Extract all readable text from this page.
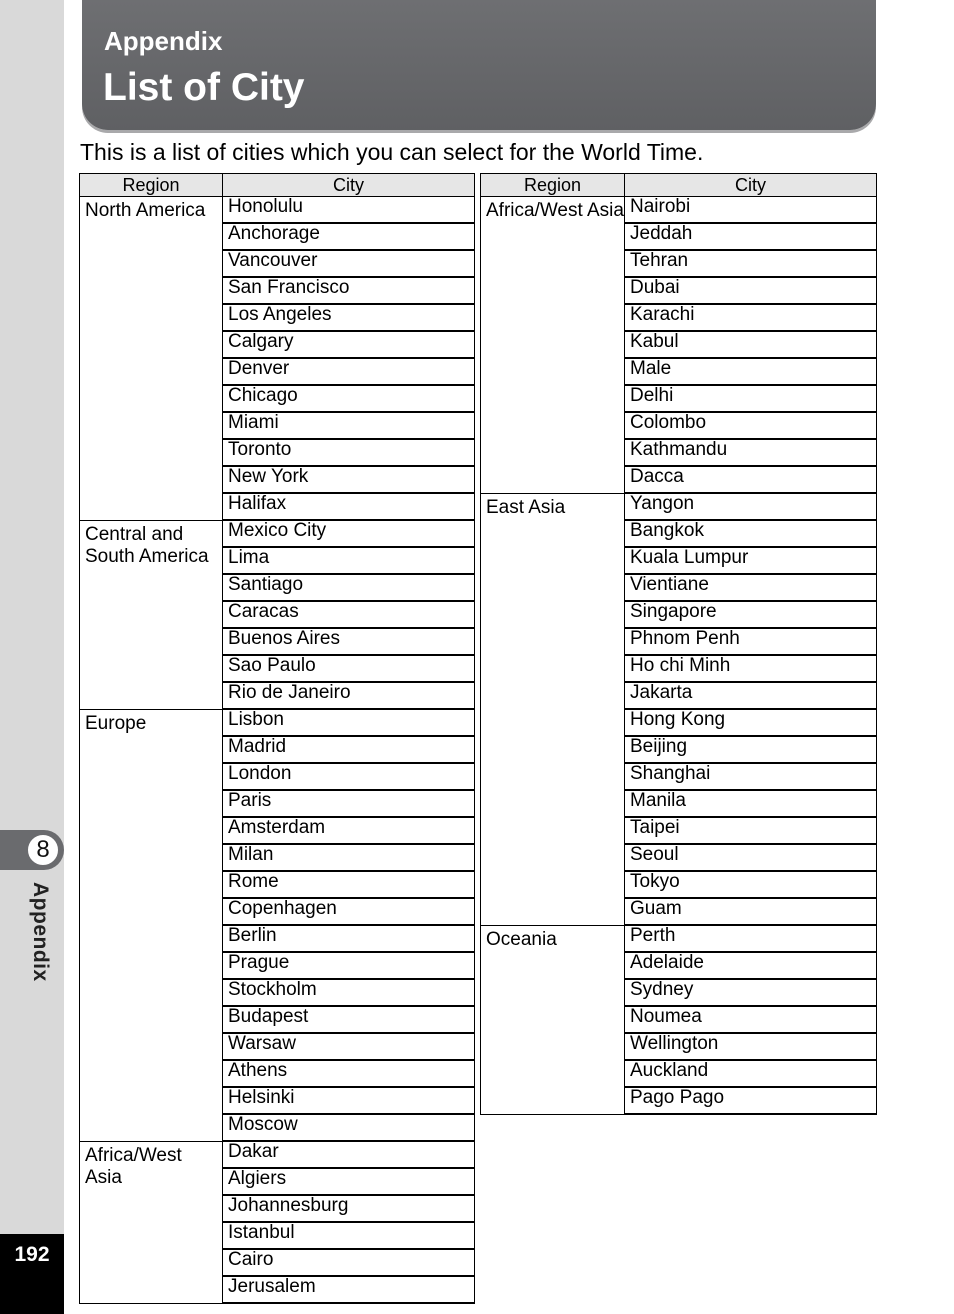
8
Appendix
192
Appendix
List of City
This is a list of cities which you can select for the World Time.
Region	City
North America	Honolulu
	Anchorage
	Vancouver
	San Francisco
	Los Angeles
	Calgary
	Denver
	Chicago
	Miami
	Toronto
	New York
	Halifax
Central and South America	Mexico City
	Lima
	Santiago
	Caracas
	Buenos Aires
	Sao Paulo
	Rio de Janeiro
Europe	Lisbon
	Madrid
	London
	Paris
	Amsterdam
	Milan
	Rome
	Copenhagen
	Berlin
	Prague
	Stockholm
	Budapest
	Warsaw
	Athens
	Helsinki
	Moscow
Africa/West Asia	Dakar
	Algiers
	Johannesburg
	Istanbul
	Cairo
	Jerusalem
Region	City
Africa/West Asia	Nairobi
	Jeddah
	Tehran
	Dubai
	Karachi
	Kabul
	Male
	Delhi
	Colombo
	Kathmandu
	Dacca
East Asia	Yangon
	Bangkok
	Kuala Lumpur
	Vientiane
	Singapore
	Phnom Penh
	Ho chi Minh
	Jakarta
	Hong Kong
	Beijing
	Shanghai
	Manila
	Taipei
	Seoul
	Tokyo
	Guam
Oceania	Perth
	Adelaide
	Sydney
	Noumea
	Wellington
	Auckland
	Pago Pago
